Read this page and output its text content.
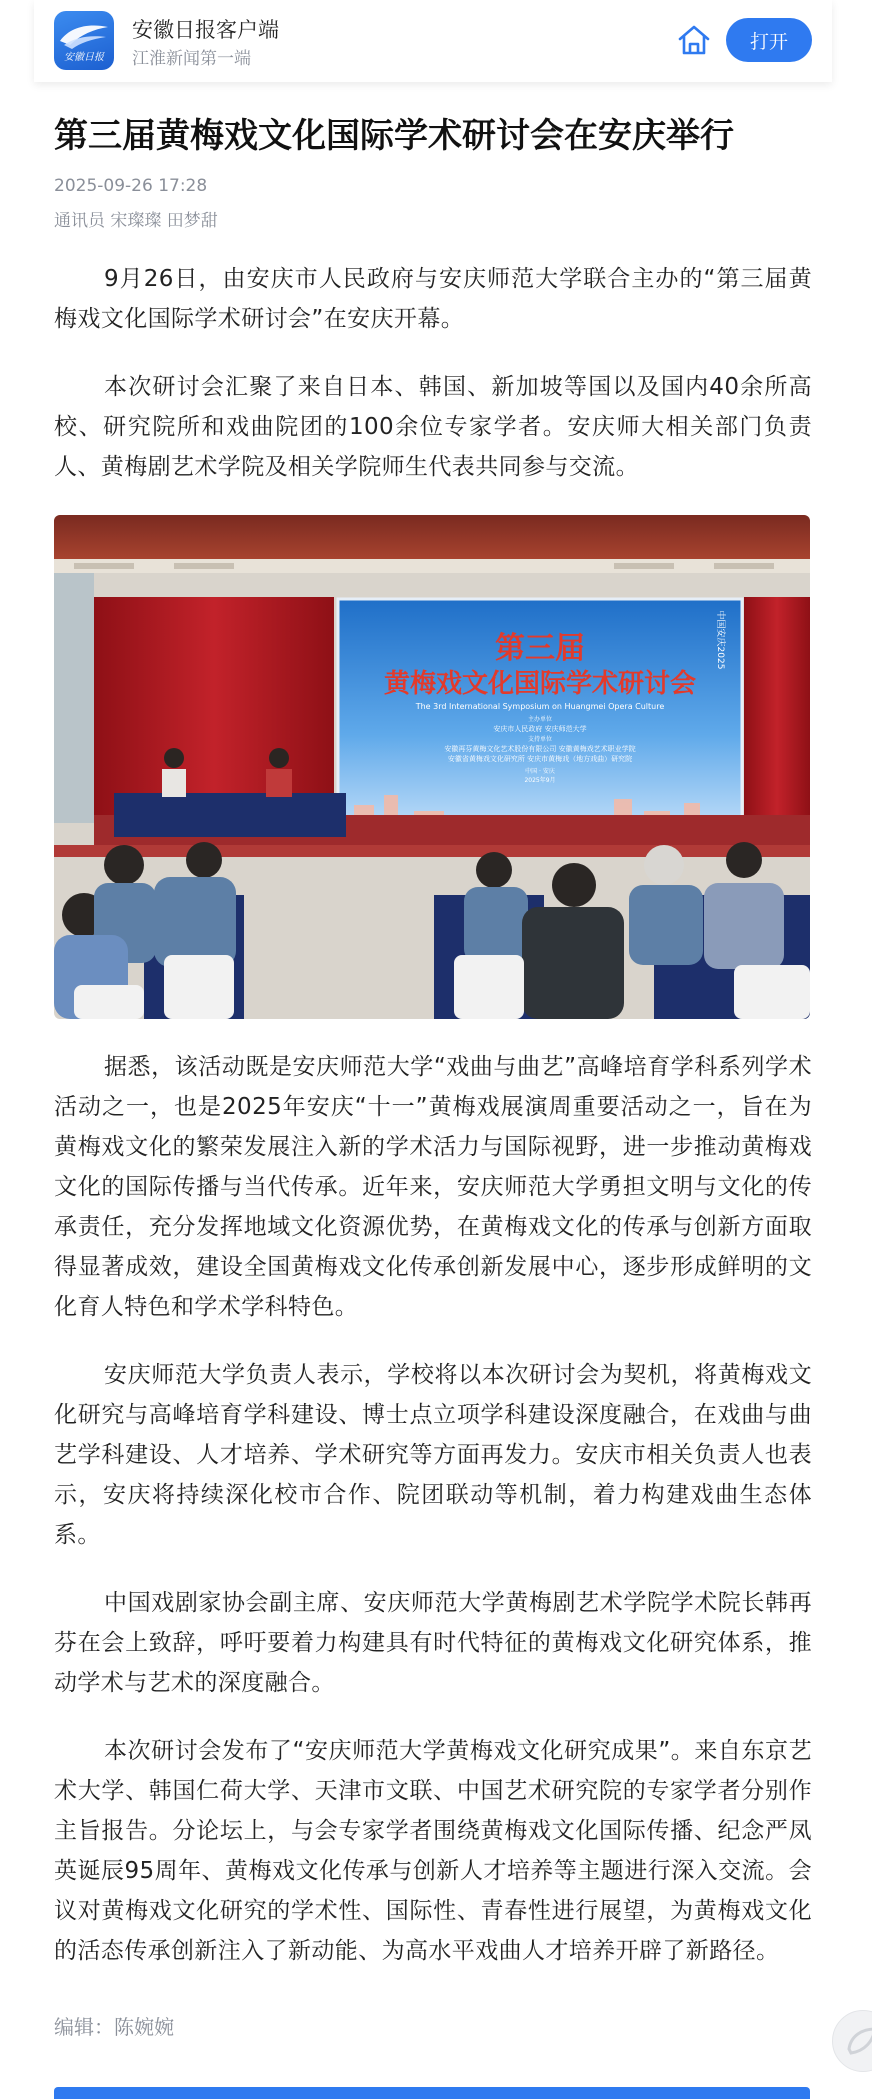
安徽日报
安徽日报客户端
江淮新闻第一端
打开
第三届黄梅戏文化国际学术研讨会在安庆举行
2025-09-26 17:28
通讯员 宋璨璨 田梦甜

9月26日，由安庆市人民政府与安庆师范大学联合主办的“第三届黄梅戏文化国际学术研讨会”在安庆开幕。

本次研讨会汇聚了来自日本、韩国、新加坡等国以及国内40余所高校、研究院所和戏曲院团的100余位专家学者。安庆师大相关部门负责人、黄梅剧艺术学院及相关学院师生代表共同参与交流。

第三届
黄梅戏文化国际学术研讨会
The 3rd International Symposium on Huangmei Opera Culture
主办单位
安庆市人民政府 安庆师范大学
支持单位
安徽再芬黄梅文化艺术股份有限公司 安徽黄梅戏艺术职业学院
安徽省黄梅戏文化研究所 安庆市黄梅戏（地方戏曲）研究院
中国 · 安庆
2025年9月
中国安庆2025

据悉，该活动既是安庆师范大学“戏曲与曲艺”高峰培育学科系列学术活动之一，也是2025年安庆“十一”黄梅戏展演周重要活动之一，旨在为黄梅戏文化的繁荣发展注入新的学术活力与国际视野，进一步推动黄梅戏文化的国际传播与当代传承。近年来，安庆师范大学勇担文明与文化的传承责任，充分发挥地域文化资源优势，在黄梅戏文化的传承与创新方面取得显著成效，建设全国黄梅戏文化传承创新发展中心，逐步形成鲜明的文化育人特色和学术学科特色。

安庆师范大学负责人表示，学校将以本次研讨会为契机，将黄梅戏文化研究与高峰培育学科建设、博士点立项学科建设深度融合，在戏曲与曲艺学科建设、人才培养、学术研究等方面再发力。安庆市相关负责人也表示，安庆将持续深化校市合作、院团联动等机制，着力构建戏曲生态体系。

中国戏剧家协会副主席、安庆师范大学黄梅剧艺术学院学术院长韩再芬在会上致辞，呼吁要着力构建具有时代特征的黄梅戏文化研究体系，推动学术与艺术的深度融合。

本次研讨会发布了“安庆师范大学黄梅戏文化研究成果”。来自东京艺术大学、韩国仁荷大学、天津市文联、中国艺术研究院的专家学者分别作主旨报告。分论坛上，与会专家学者围绕黄梅戏文化国际传播、纪念严凤英诞辰95周年、黄梅戏文化传承与创新人才培养等主题进行深入交流。会议对黄梅戏文化研究的学术性、国际性、青春性进行展望，为黄梅戏文化的活态传承创新注入了新动能、为高水平戏曲人才培养开辟了新路径。

编辑：陈婉婉
